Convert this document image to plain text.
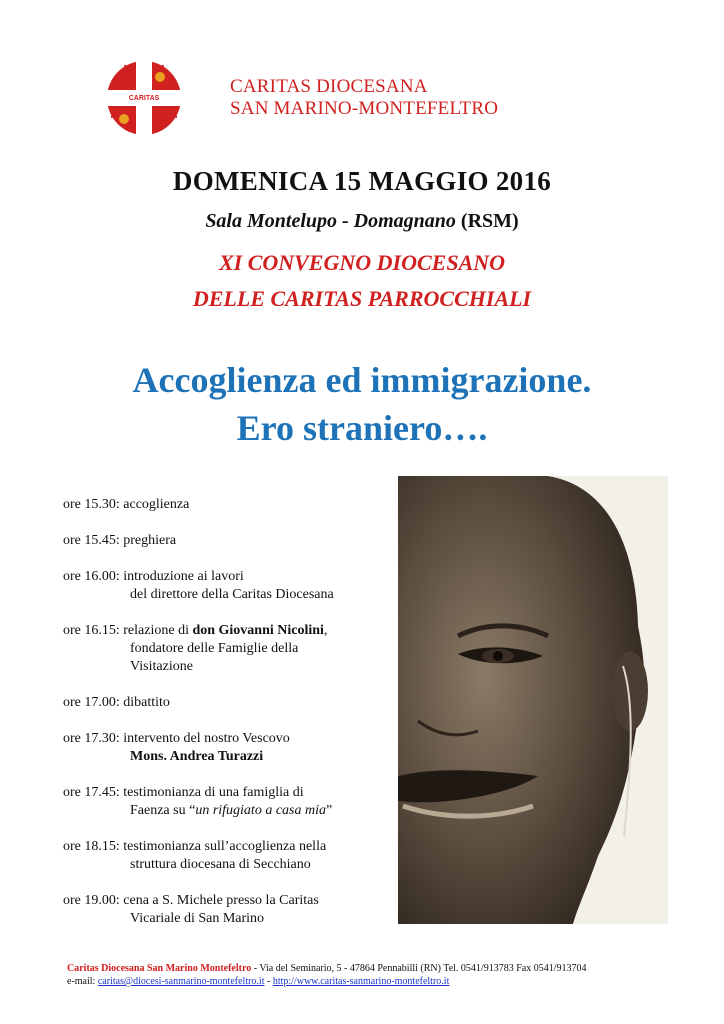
CARITAS
CARITAS DIOCESANA
SAN MARINO-MONTEFELTRO
DOMENICA 15 MAGGIO 2016
Sala Montelupo - Domagnano (RSM)
XI CONVEGNO DIOCESANO
DELLE CARITAS PARROCCHIALI
Accoglienza ed immigrazione.
Ero straniero….
ore 15.30: accoglienza
ore 15.45: preghiera
ore 16.00: introduzione ai lavori
del direttore della Caritas Diocesana
ore 16.15: relazione di don Giovanni Nicolini,
fondatore delle Famiglie della
Visitazione
ore 17.00: dibattito
ore 17.30: intervento del nostro Vescovo
Mons. Andrea Turazzi
ore 17.45: testimonianza di una famiglia di
Faenza su “un rifugiato a casa mia”
ore 18.15: testimonianza sull’accoglienza nella
struttura diocesana di Secchiano
ore 19.00: cena a S. Michele presso la Caritas
Vicariale di San Marino
Caritas Diocesana San Marino Montefeltro - Via del Seminario, 5 - 47864 Pennabilli (RN) Tel. 0541/913783 Fax 0541/913704
e-mail: caritas@diocesi-sanmarino-montefeltro.it - http://www.caritas-sanmarino-montefeltro.it
